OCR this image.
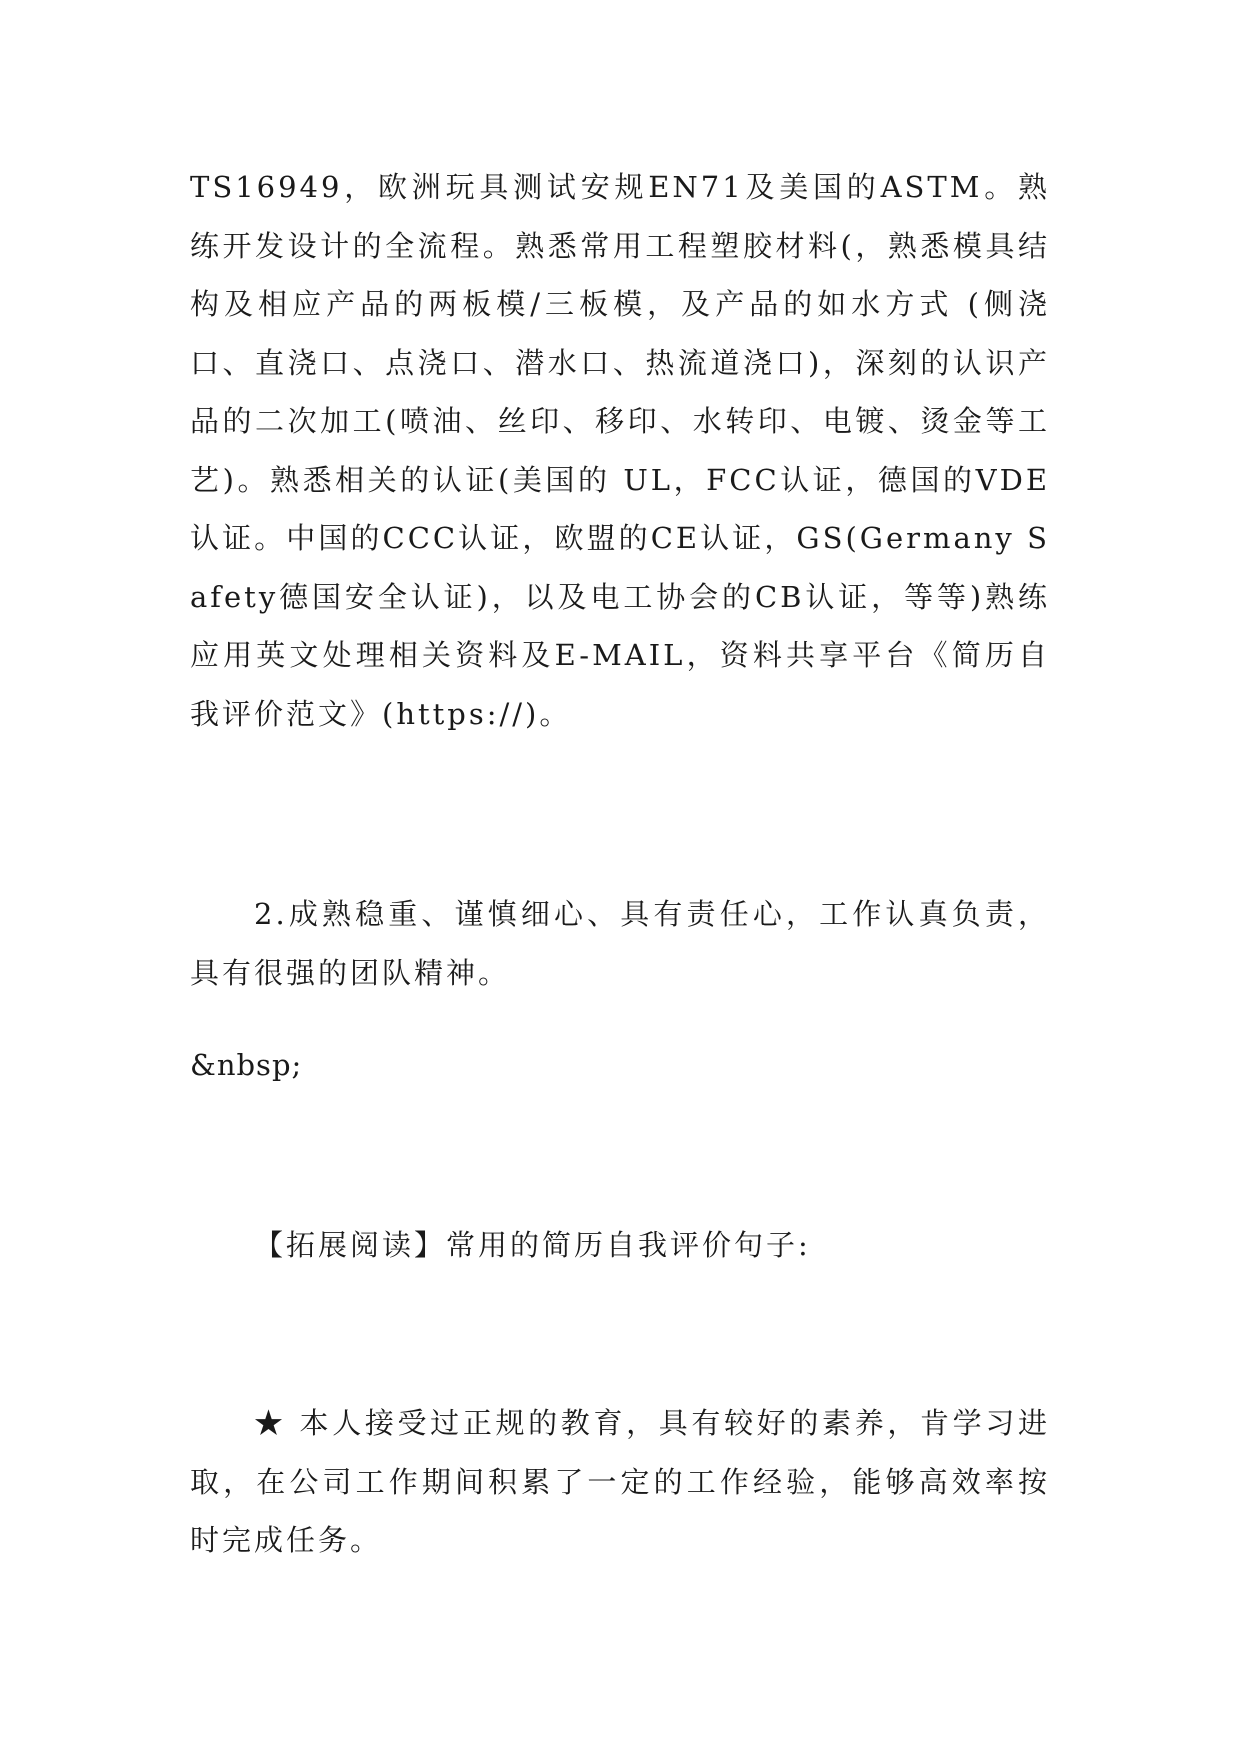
TS16949，欧洲玩具测试安规EN71及美国的ASTM。熟练开发设计的全流程。熟悉常用工程塑胶材料(，熟悉模具结构及相应产品的两板模/三板模，及产品的如水方式 (侧浇口、直浇口、点浇口、潜水口、热流道浇口)，深刻的认识产品的二次加工(喷油、丝印、移印、水转印、电镀、烫金等工艺)。熟悉相关的认证(美国的 UL，FCC认证，德国的VDE认证。中国的CCC认证，欧盟的CE认证，GS(Germany Safety德国安全认证)，以及电工协会的CB认证，等等)熟练应用英文处理相关资料及E-MAIL，资料共享平台《简历自我评价范文》(https://)。

2.成熟稳重、谨慎细心、具有责任心，工作认真负责，具有很强的团队精神。

&nbsp;

【拓展阅读】常用的简历自我评价句子:

★ 本人接受过正规的教育，具有较好的素养，肯学习进取，在公司工作期间积累了一定的工作经验，能够高效率按时完成任务。
